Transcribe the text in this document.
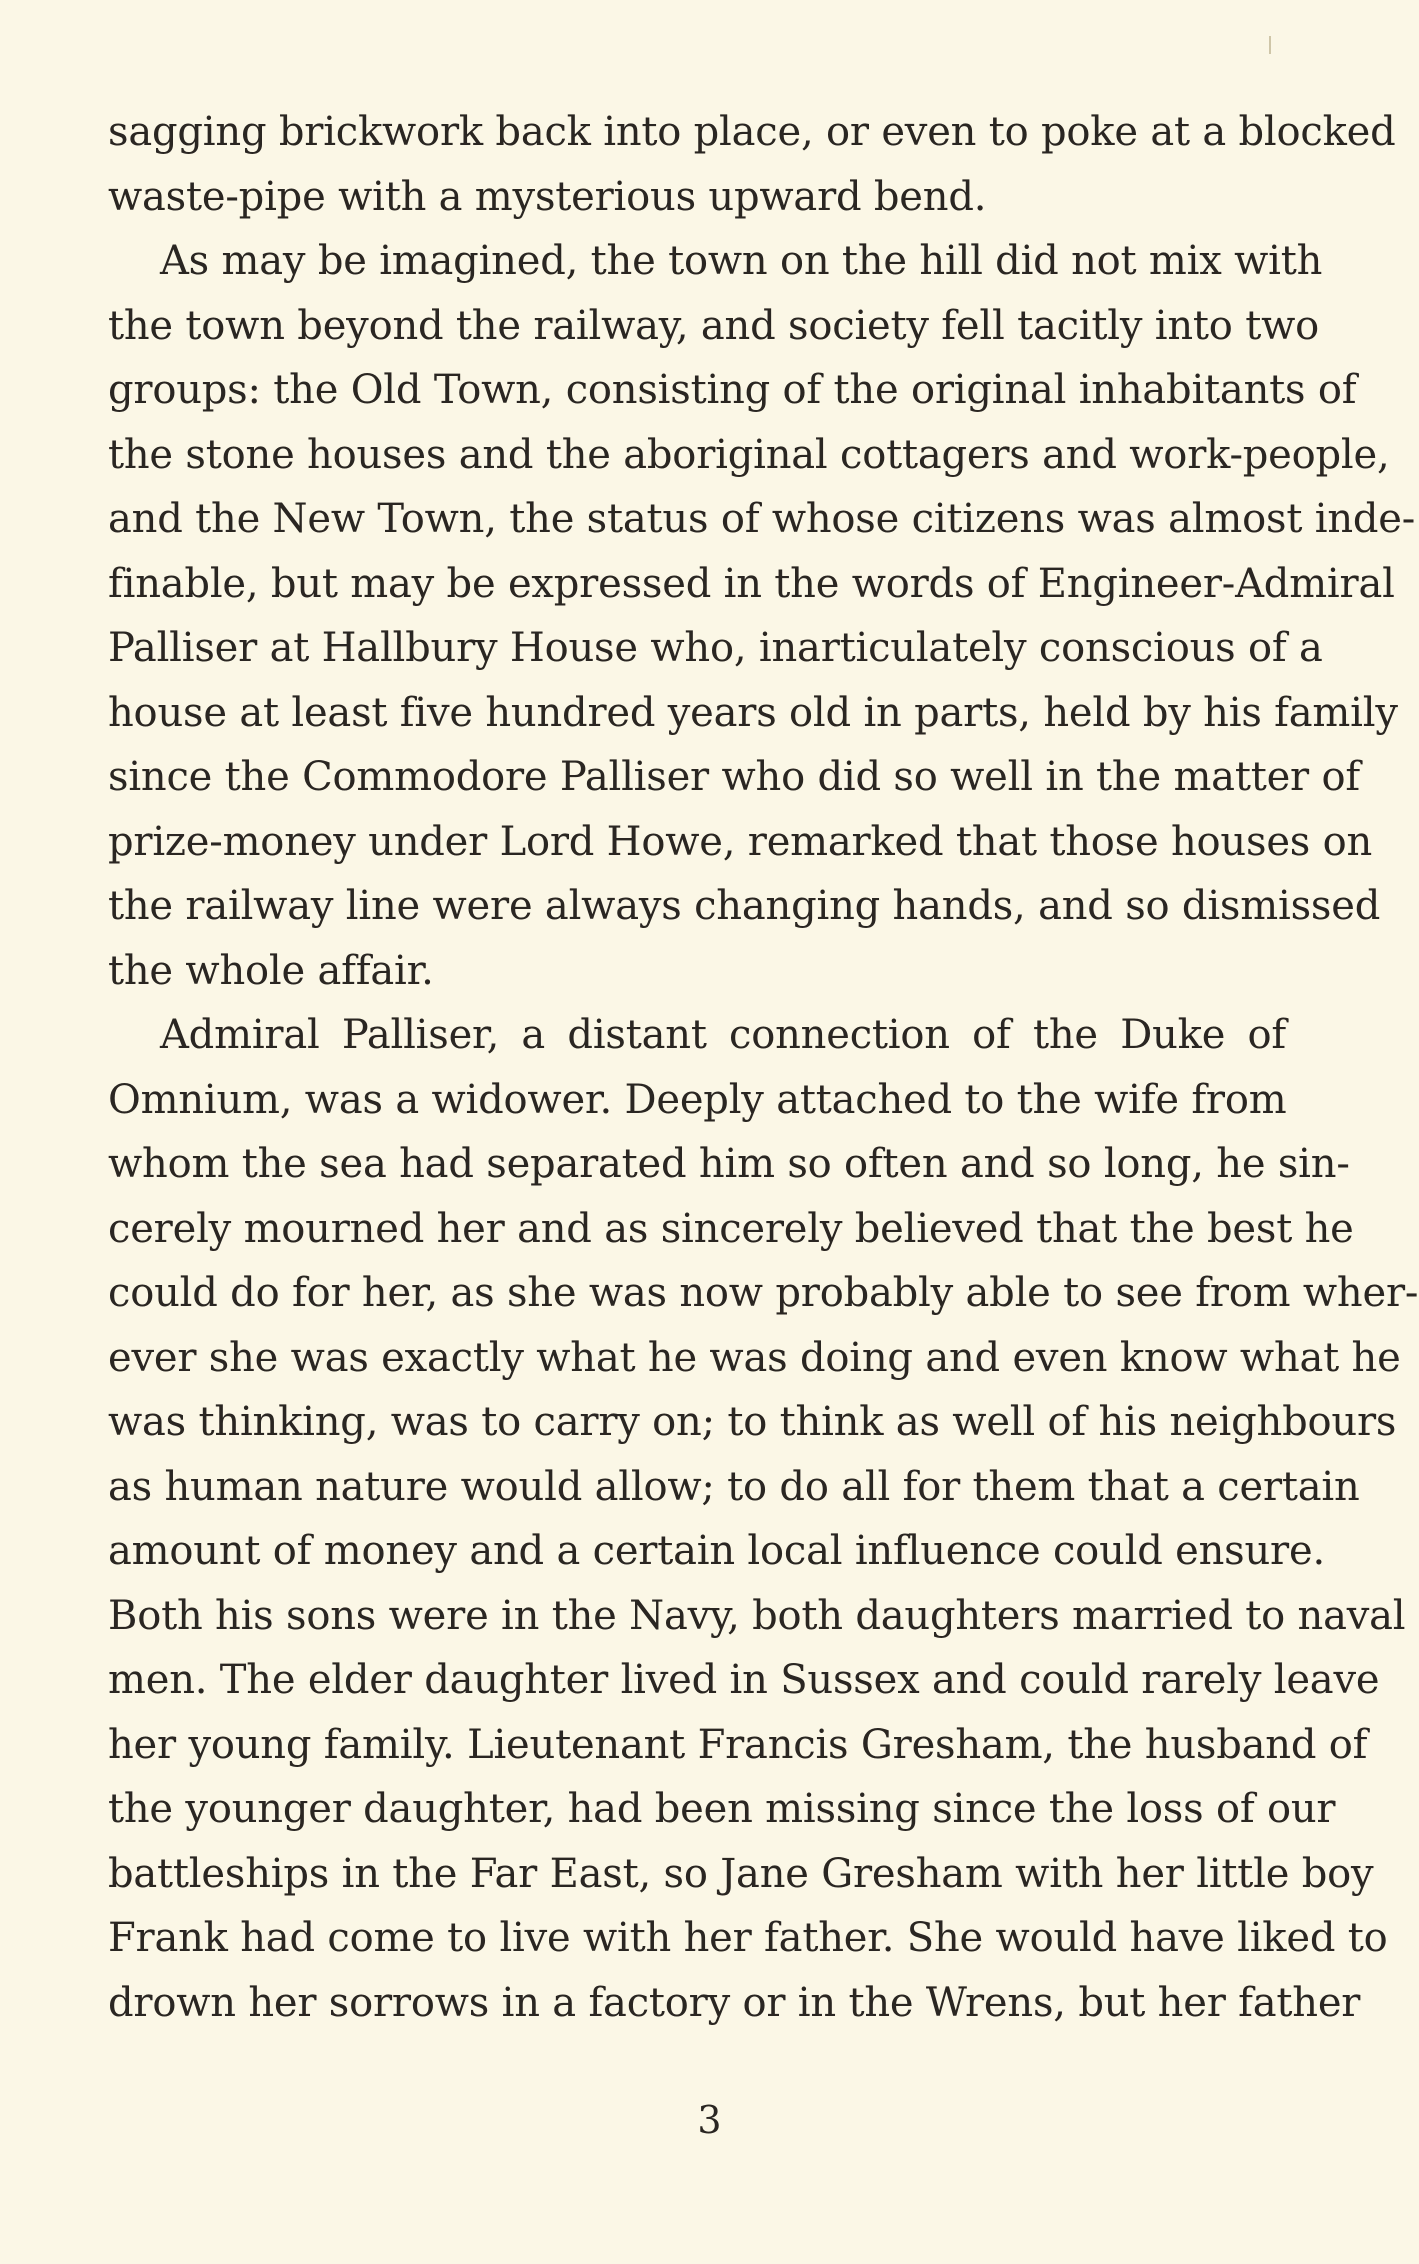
sagging brickwork back into place, or even to poke at a blocked
waste-pipe with a mysterious upward bend.
As may be imagined, the town on the hill did not mix with
the town beyond the railway, and society fell tacitly into two
groups: the Old Town, consisting of the original inhabitants of
the stone houses and the aboriginal cottagers and work-people,
and the New Town, the status of whose citizens was almost inde-
finable, but may be expressed in the words of Engineer-Admiral
Palliser at Hallbury House who, inarticulately conscious of a
house at least five hundred years old in parts, held by his family
since the Commodore Palliser who did so well in the matter of
prize-money under Lord Howe, remarked that those houses on
the railway line were always changing hands, and so dismissed
the whole affair.
Admiral Palliser, a distant connection of the Duke of
Omnium, was a widower. Deeply attached to the wife from
whom the sea had separated him so often and so long, he sin-
cerely mourned her and as sincerely believed that the best he
could do for her, as she was now probably able to see from wher-
ever she was exactly what he was doing and even know what he
was thinking, was to carry on; to think as well of his neighbours
as human nature would allow; to do all for them that a certain
amount of money and a certain local influence could ensure.
Both his sons were in the Navy, both daughters married to naval
men. The elder daughter lived in Sussex and could rarely leave
her young family. Lieutenant Francis Gresham, the husband of
the younger daughter, had been missing since the loss of our
battleships in the Far East, so Jane Gresham with her little boy
Frank had come to live with her father. She would have liked to
drown her sorrows in a factory or in the Wrens, but her father
3
